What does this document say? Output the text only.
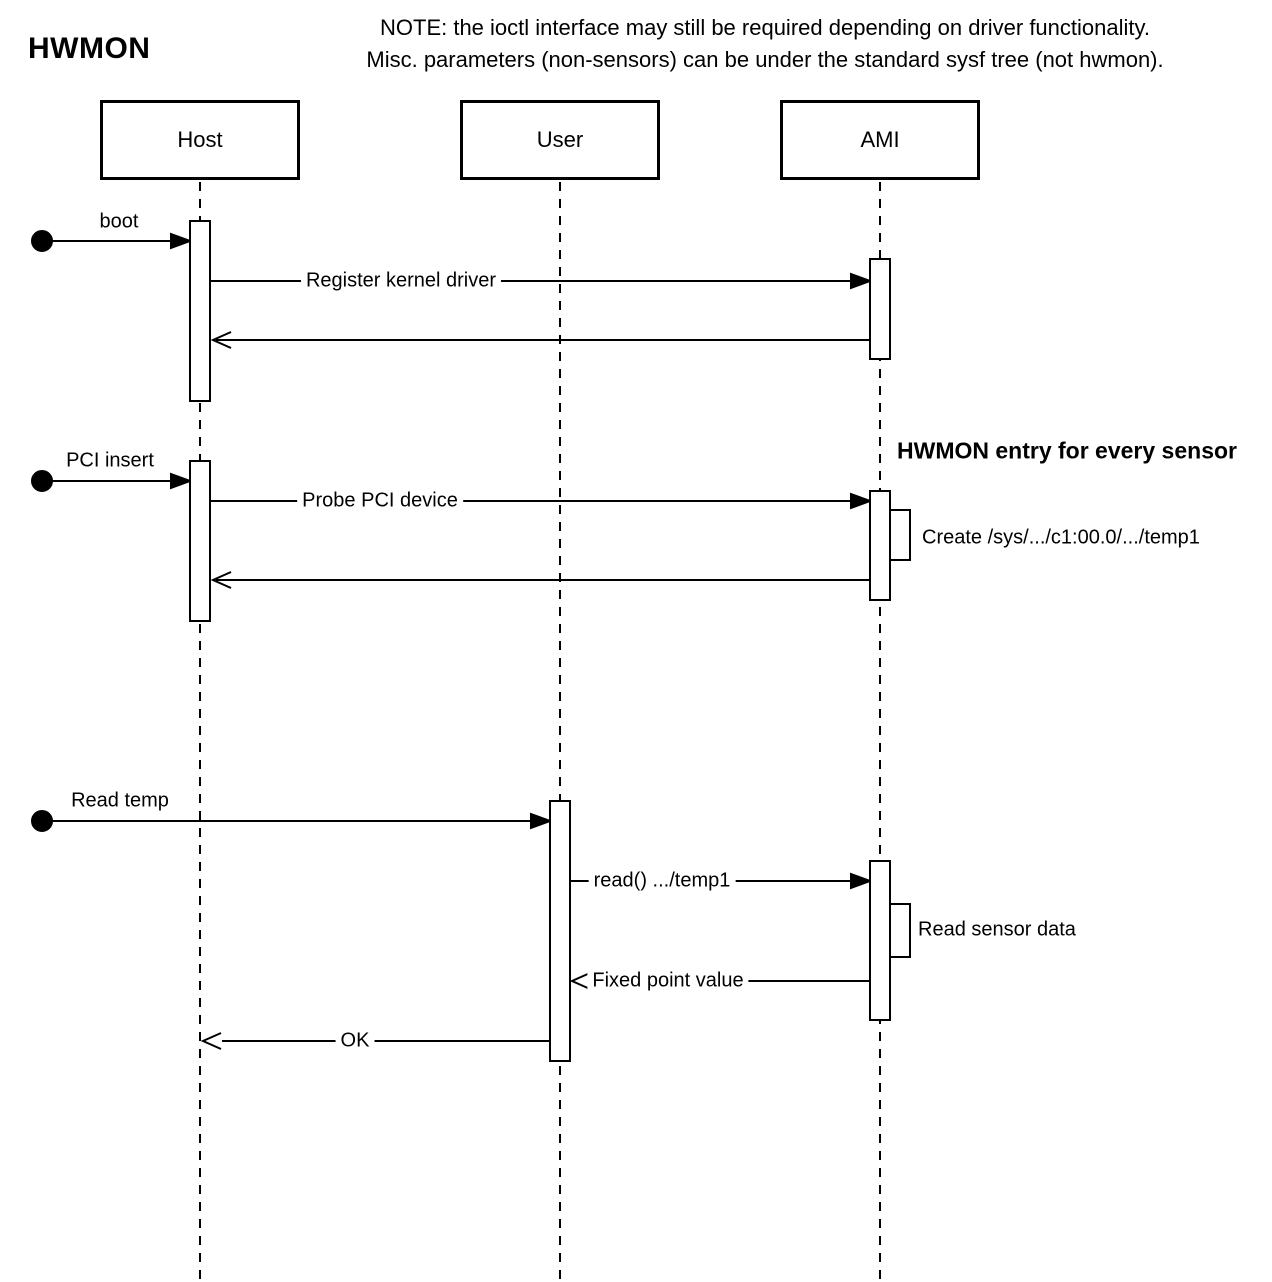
HWMON
NOTE: the ioctl interface may still be required depending on driver functionality.
Misc. parameters (non-sensors) can be under the standard sysf tree (not hwmon).
Host	User	AMI
boot
Register kernel driver
PCI insert
Probe PCI device
Read temp
read() .../temp1
Fixed point value
OK
HWMON entry for every sensor
Create /sys/.../c1:00.0/.../temp1
Read sensor data
